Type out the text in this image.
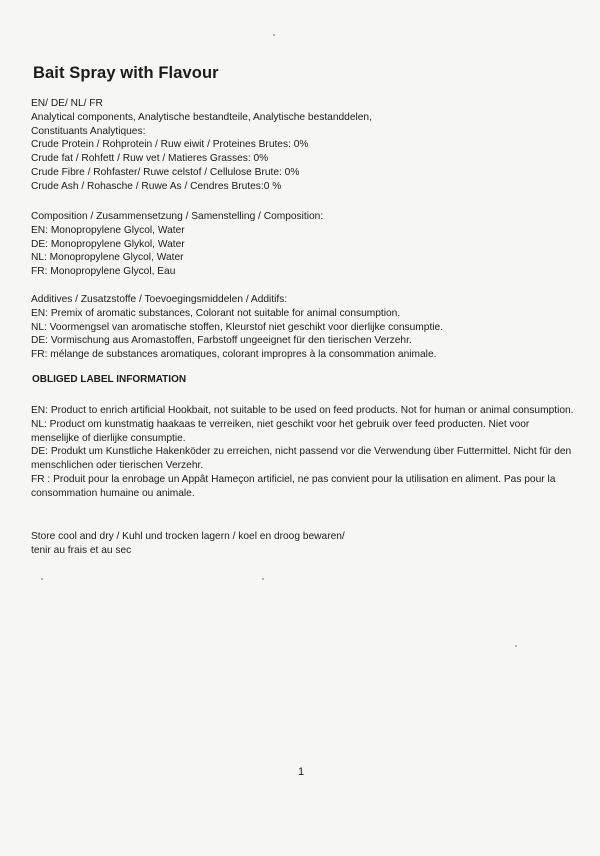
Bait Spray with Flavour
EN/ DE/ NL/ FR
Analytical components, Analytische bestandteile, Analytische bestanddelen,
Constituants Analytiques:
Crude Protein / Rohprotein / Ruw eiwit / Proteines Brutes: 0%
Crude fat / Rohfett / Ruw vet / Matieres Grasses: 0%
Crude Fibre / Rohfaster/ Ruwe celstof / Cellulose Brute: 0%
Crude Ash / Rohasche / Ruwe As / Cendres Brutes:0 %
Composition / Zusammensetzung / Samenstelling / Composition:
EN: Monopropylene Glycol, Water
DE: Monopropylene Glykol, Water
NL: Monopropylene Glycol, Water
FR: Monopropylene Glycol, Eau
Additives / Zusatzstoffe / Toevoegingsmiddelen / Additifs:
EN: Premix of aromatic substances, Colorant not suitable for animal consumption.
NL: Voormengsel van aromatische stoffen, Kleurstof niet geschikt voor dierlijke consumptie.
DE: Vormischung aus Aromastoffen, Farbstoff ungeeignet für den tierischen Verzehr.
FR: mélange de substances aromatiques, colorant impropres à la consommation animale.
OBLIGED LABEL INFORMATION
EN: Product to enrich artificial Hookbait, not suitable to be used on feed products. Not for human or animal consumption.
NL: Product om kunstmatig haakaas te verreiken, niet geschikt voor het gebruik over feed producten. Niet voor menselijke of dierlijke consumptie.
DE: Produkt um Kunstliche Hakenköder zu erreichen, nicht passend vor die Verwendung über Futtermittel. Nicht für den menschlichen oder tierischen Verzehr.
FR : Produit pour la enrobage un Appât Hameçon artificiel, ne pas convient pour la utilisation en aliment. Pas pour la consommation humaine ou animale.
Store cool and dry / Kuhl und trocken lagern / koel en droog bewaren/
tenir au frais et au sec
1
